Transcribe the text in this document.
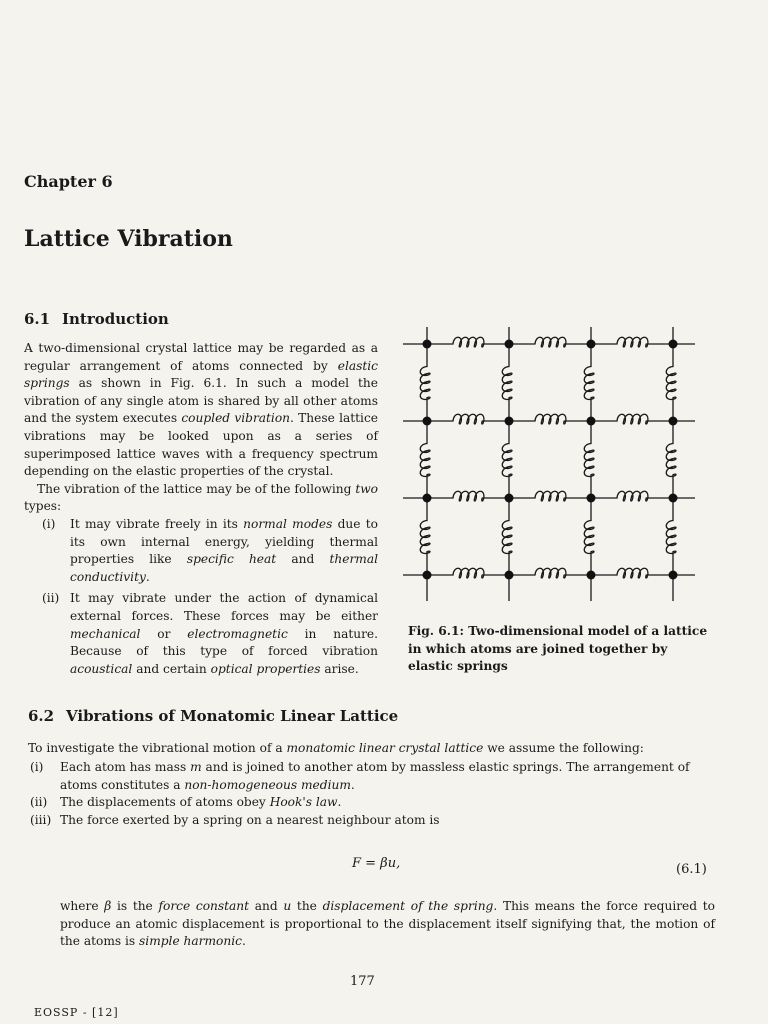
Chapter 6
Lattice Vibration
6.1 Introduction

A two-dimensional crystal lattice may be regarded as a regular arrangement of atoms connected by elastic springs as shown in Fig. 6.1. In such a model the vibration of any single atom is shared by all other atoms and the system executes coupled vibration. These lattice vibrations may be looked upon as a series of superimposed lattice waves with a frequency spectrum depending on the elastic properties of the crystal.

The vibration of the lattice may be of the following two types:

(i) It may vibrate freely in its normal modes due to its own internal energy, yielding thermal properties like specific heat and thermal conductivity.
(ii) It may vibrate under the action of dynamical external forces. These forces may be either mechanical or electromagnetic in nature. Because of this type of forced vibration acoustical and certain optical properties arise.
Fig. 6.1: Two-dimensional model of a lattice in which atoms are joined together by elastic springs
6.2 Vibrations of Monatomic Linear Lattice
To investigate the vibrational motion of a monatomic linear crystal lattice we assume the following:
(i) Each atom has mass m and is joined to another atom by massless elastic springs. The arrangement of atoms constitutes a non-homogeneous medium.
(ii) The displacements of atoms obey Hook's law.
(iii) The force exerted by a spring on a nearest neighbour atom is
F = βu,	(6.1)
where β is the force constant and u the displacement of the spring. This means the force required to produce an atomic displacement is proportional to the displacement itself signifying that, the motion of the atoms is simple harmonic.
177
EOSSP - [12]
